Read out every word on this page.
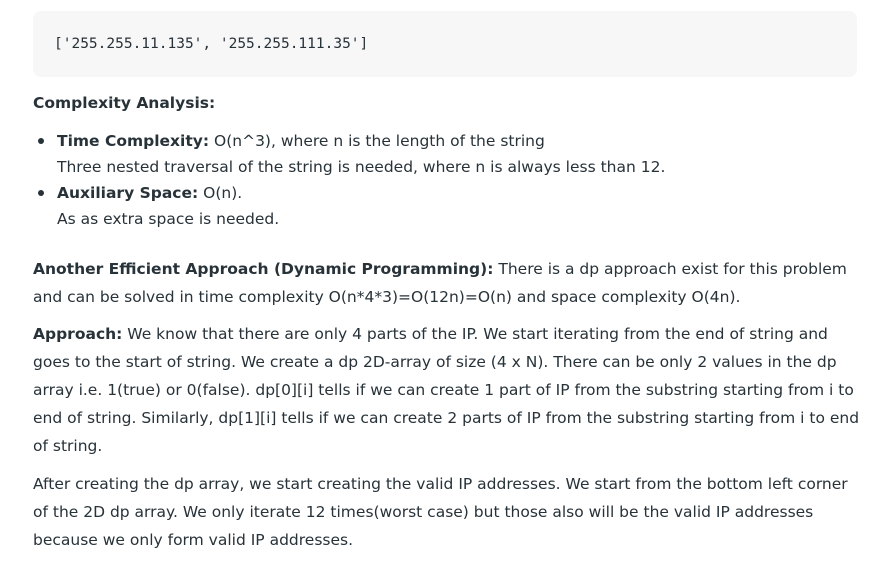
['255.255.11.135', '255.255.111.35']
Complexity Analysis:
Time Complexity: O(n^3), where n is the length of the string
Three nested traversal of the string is needed, where n is always less than 12.
Auxiliary Space: O(n).
As as extra space is needed.

Another Efficient Approach (Dynamic Programming): There is a dp approach exist for this problem and can be solved in time complexity O(n*4*3)=O(12n)=O(n) and space complexity O(4n).

Approach: We know that there are only 4 parts of the IP. We start iterating from the end of string and goes to the start of string. We create a dp 2D-array of size (4 x N). There can be only 2 values in the dp array i.e. 1(true) or 0(false). dp[0][i] tells if we can create 1 part of IP from the substring starting from i to end of string. Similarly, dp[1][i] tells if we can create 2 parts of IP from the substring starting from i to end of string.

After creating the dp array, we start creating the valid IP addresses. We start from the bottom left corner of the 2D dp array. We only iterate 12 times(worst case) but those also will be the valid IP addresses because we only form valid IP addresses.
